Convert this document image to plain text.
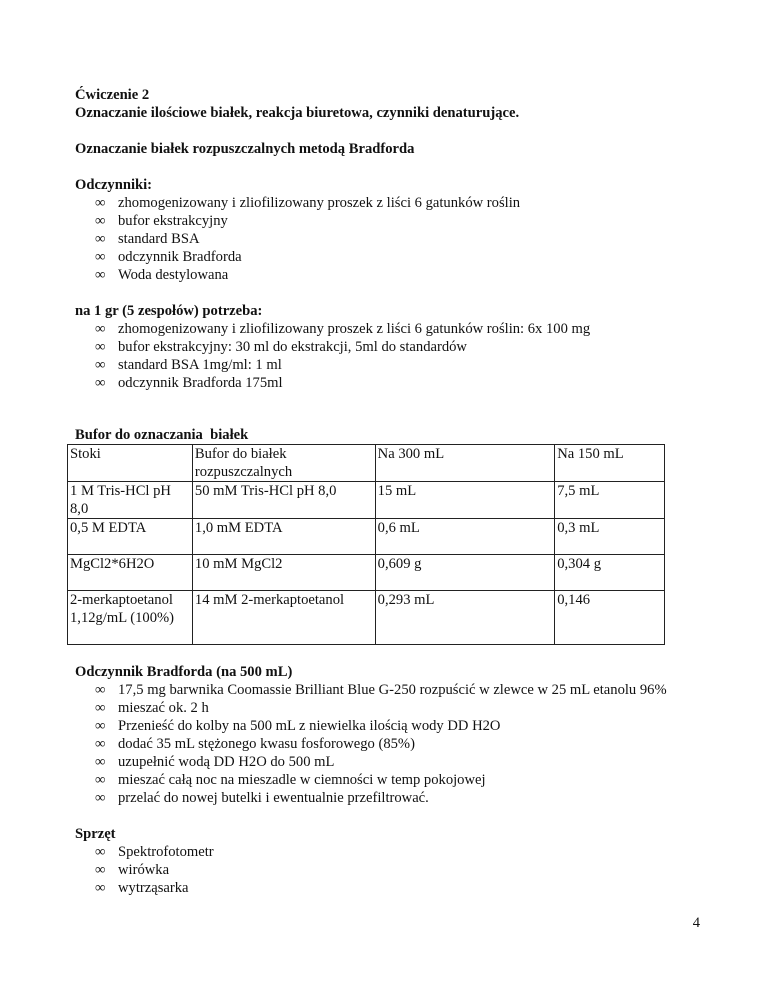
Ćwiczenie 2

Oznaczanie ilościowe białek, reakcja biuretowa, czynniki denaturujące.

Oznaczanie białek rozpuszczalnych metodą Bradforda

Odczynniki:

∞ zhomogenizowany i zliofilizowany proszek z liści 6 gatunków roślin
∞ bufor ekstrakcyjny
∞ standard BSA
∞ odczynnik Bradforda
∞ Woda destylowana

na 1 gr (5 zespołów) potrzeba:

∞ zhomogenizowany i zliofilizowany proszek z liści 6 gatunków roślin: 6x 100 mg
∞ bufor ekstrakcyjny: 30 ml do ekstrakcji, 5ml do standardów
∞ standard BSA 1mg/ml: 1 ml
∞ odczynnik Bradforda 175ml

Bufor do oznaczania  białek

Stoki	Bufor do białek rozpuszczalnych	Na 300 mL	Na 150 mL
1 M Tris-HCl pH 8,0	50 mM Tris-HCl pH 8,0	15 mL	7,5 mL
0,5 M EDTA	1,0 mM EDTA	0,6 mL	0,3 mL
MgCl2*6H2O	10 mM MgCl2	0,609 g	0,304 g
2-merkaptoetanol 1,12g/mL (100%)	14 mM 2-merkaptoetanol	0,293 mL	0,146

Odczynnik Bradforda (na 500 mL)

∞ 17,5 mg barwnika Coomassie Brilliant Blue G-250 rozpuścić w zlewce w 25 mL etanolu 96%
∞ mieszać ok. 2 h
∞ Przenieść do kolby na 500 mL z niewielka ilością wody DD H2O
∞ dodać 35 mL stężonego kwasu fosforowego (85%)
∞ uzupełnić wodą DD H2O do 500 mL
∞ mieszać całą noc na mieszadle w ciemności w temp pokojowej
∞ przelać do nowej butelki i ewentualnie przefiltrować.

Sprzęt

∞ Spektrofotometr
∞ wirówka
∞ wytrząsarka
4
